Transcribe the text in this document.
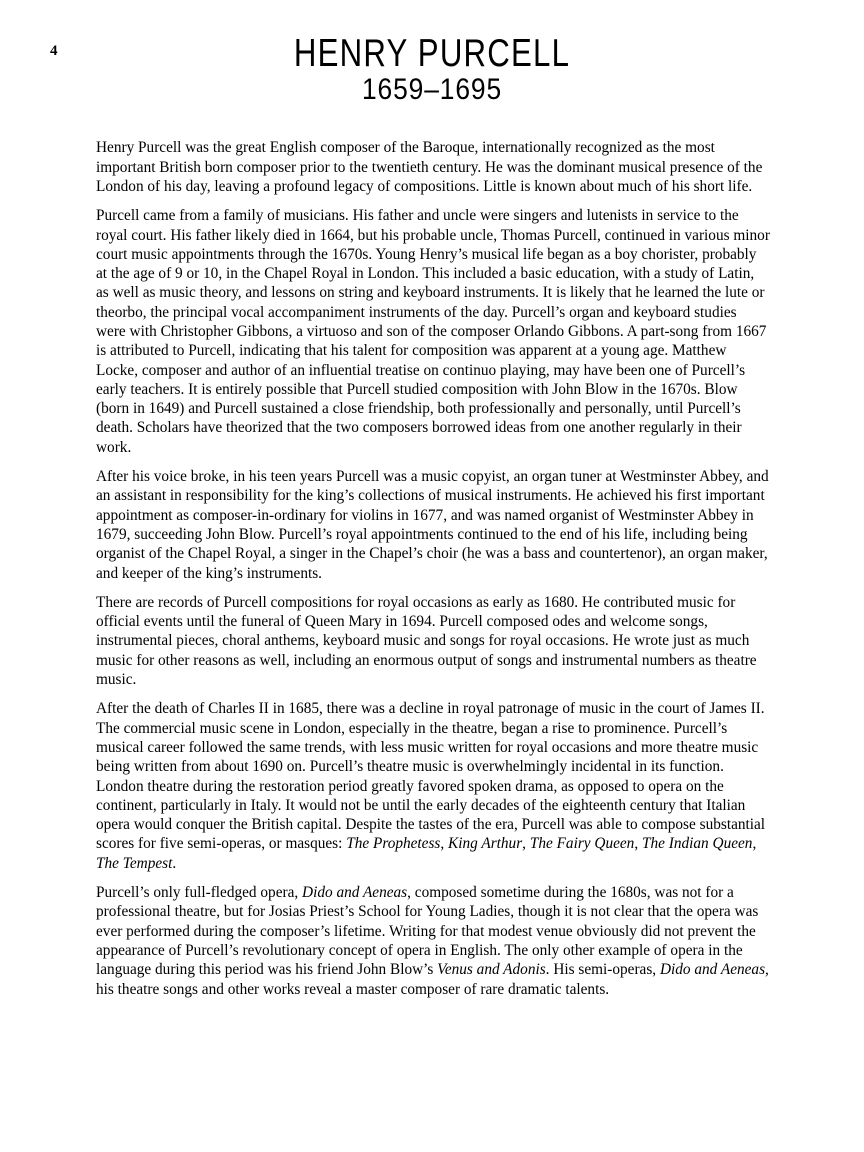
4	HENRY PURCELL
1659–1695

Henry Purcell was the great English composer of the Baroque, internationally recognized as the most important British born composer prior to the twentieth century. He was the dominant musical presence of the London of his day, leaving a profound legacy of compositions. Little is known about much of his short life.

Purcell came from a family of musicians. His father and uncle were singers and lutenists in service to the royal court. His father likely died in 1664, but his probable uncle, Thomas Purcell, continued in various minor court music appointments through the 1670s. Young Henry’s musical life began as a boy chorister, probably at the age of 9 or 10, in the Chapel Royal in London. This included a basic education, with a study of Latin, as well as music theory, and lessons on string and keyboard instruments. It is likely that he learned the lute or theorbo, the principal vocal accompaniment instruments of the day. Purcell’s organ and keyboard studies were with Christopher Gibbons, a virtuoso and son of the composer Orlando Gibbons. A part-song from 1667 is attributed to Purcell, indicating that his talent for composition was apparent at a young age. Matthew Locke, composer and author of an influential treatise on continuo playing, may have been one of Purcell’s early teachers. It is entirely possible that Purcell studied composition with John Blow in the 1670s. Blow (born in 1649) and Purcell sustained a close friendship, both professionally and personally, until Purcell’s death. Scholars have theorized that the two composers borrowed ideas from one another regularly in their work.

After his voice broke, in his teen years Purcell was a music copyist, an organ tuner at Westminster Abbey, and an assistant in responsibility for the king’s collections of musical instruments. He achieved his first important appointment as composer-in-ordinary for violins in 1677, and was named organist of Westminster Abbey in 1679, succeeding John Blow. Purcell’s royal appointments continued to the end of his life, including being organist of the Chapel Royal, a singer in the Chapel’s choir (he was a bass and countertenor), an organ maker, and keeper of the king’s instruments.

There are records of Purcell compositions for royal occasions as early as 1680. He contributed music for official events until the funeral of Queen Mary in 1694. Purcell composed odes and welcome songs, instrumental pieces, choral anthems, keyboard music and songs for royal occasions. He wrote just as much music for other reasons as well, including an enormous output of songs and instrumental numbers as theatre music.

After the death of Charles II in 1685, there was a decline in royal patronage of music in the court of James II. The commercial music scene in London, especially in the theatre, began a rise to prominence. Purcell’s musical career followed the same trends, with less music written for royal occasions and more theatre music being written from about 1690 on. Purcell’s theatre music is overwhelmingly incidental in its function. London theatre during the restoration period greatly favored spoken drama, as opposed to opera on the continent, particularly in Italy. It would not be until the early decades of the eighteenth century that Italian opera would conquer the British capital. Despite the tastes of the era, Purcell was able to compose substantial scores for five semi-operas, or masques: The Prophetess, King Arthur, The Fairy Queen, The Indian Queen, The Tempest.

Purcell’s only full-fledged opera, Dido and Aeneas, composed sometime during the 1680s, was not for a professional theatre, but for Josias Priest’s School for Young Ladies, though it is not clear that the opera was ever performed during the composer’s lifetime. Writing for that modest venue obviously did not prevent the appearance of Purcell’s revolutionary concept of opera in English. The only other example of opera in the language during this period was his friend John Blow’s Venus and Adonis. His semi-operas, Dido and Aeneas, his theatre songs and other works reveal a master composer of rare dramatic talents.
